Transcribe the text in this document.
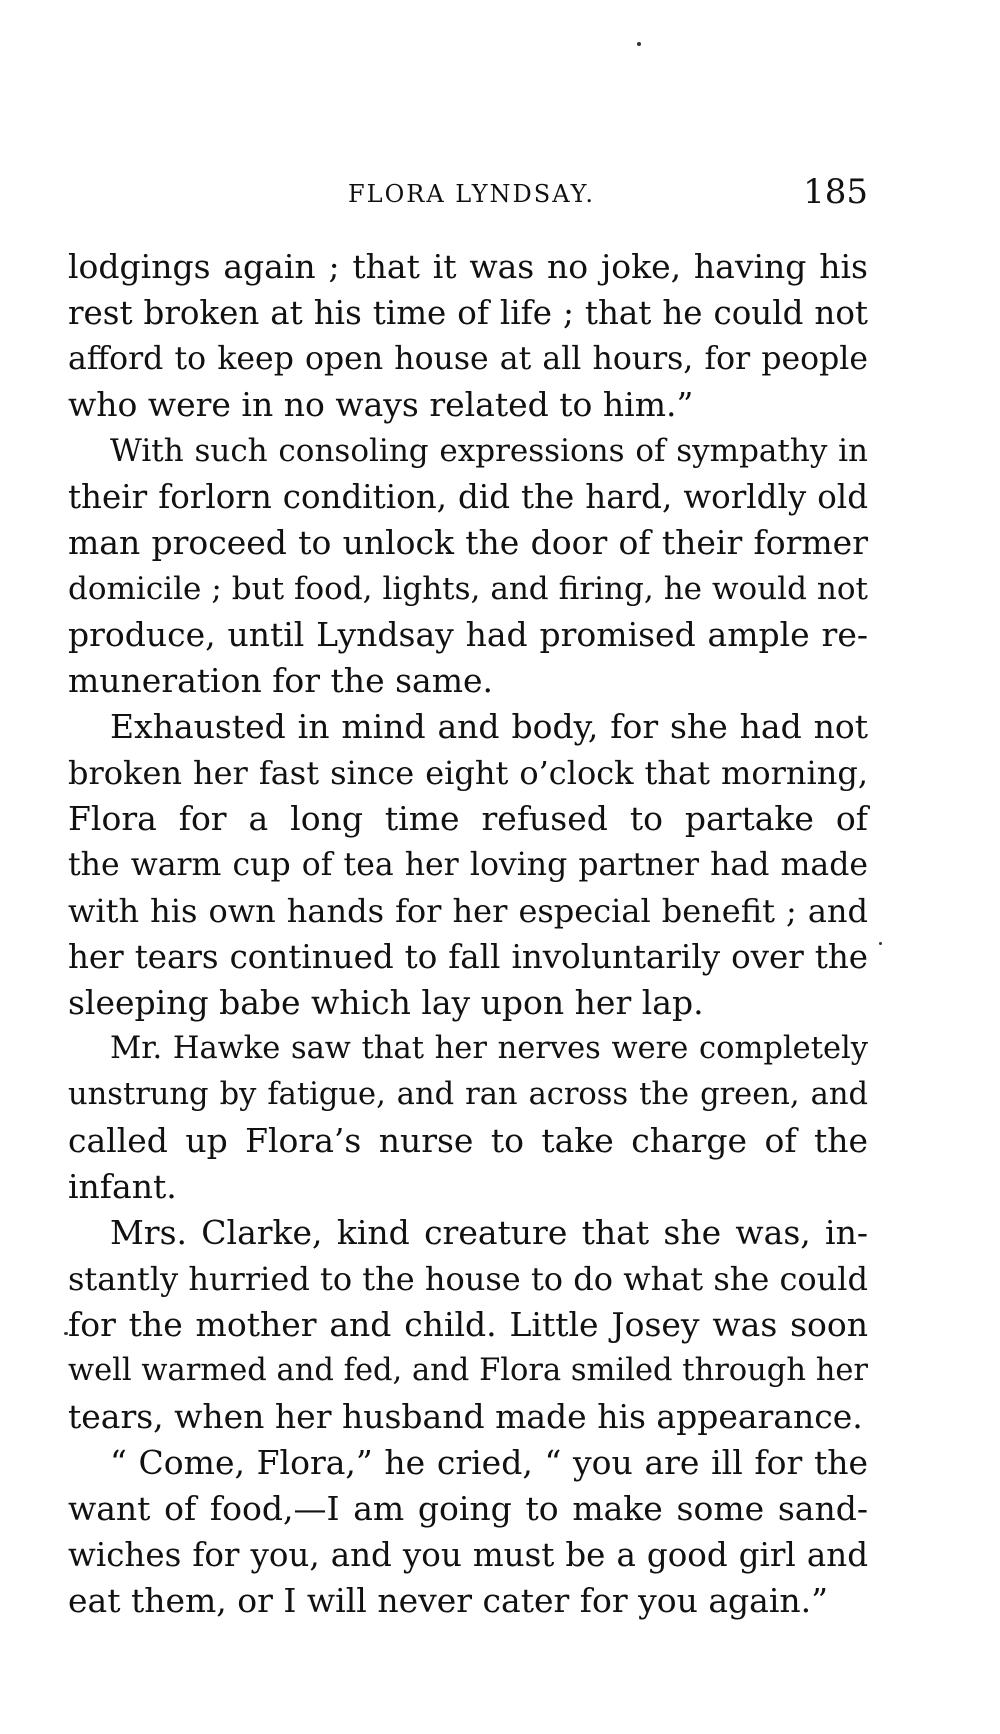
FLORA LYNDSAY.	185
lodgings again ; that it was no joke, having his
rest broken at his time of life ; that he could not
afford to keep open house at all hours, for people
who were in no ways related to him.”
With such consoling expressions of sympathy in
their forlorn condition, did the hard, worldly old
man proceed to unlock the door of their former
domicile ; but food, lights, and firing, he would not
produce, until Lyndsay had promised ample re-
muneration for the same.
Exhausted in mind and body, for she had not
broken her fast since eight o’clock that morning,
Flora for a long time refused to partake of
the warm cup of tea her loving partner had made
with his own hands for her especial benefit ; and
her tears continued to fall involuntarily over the
sleeping babe which lay upon her lap.
Mr. Hawke saw that her nerves were completely
unstrung by fatigue, and ran across the green, and
called up Flora’s nurse to take charge of the
infant.
Mrs. Clarke, kind creature that she was, in-
stantly hurried to the house to do what she could
for the mother and child. Little Josey was soon
well warmed and fed, and Flora smiled through her
tears, when her husband made his appearance.
“ Come, Flora,” he cried, “ you are ill for the
want of food,—I am going to make some sand-
wiches for you, and you must be a good girl and
eat them, or I will never cater for you again.”
